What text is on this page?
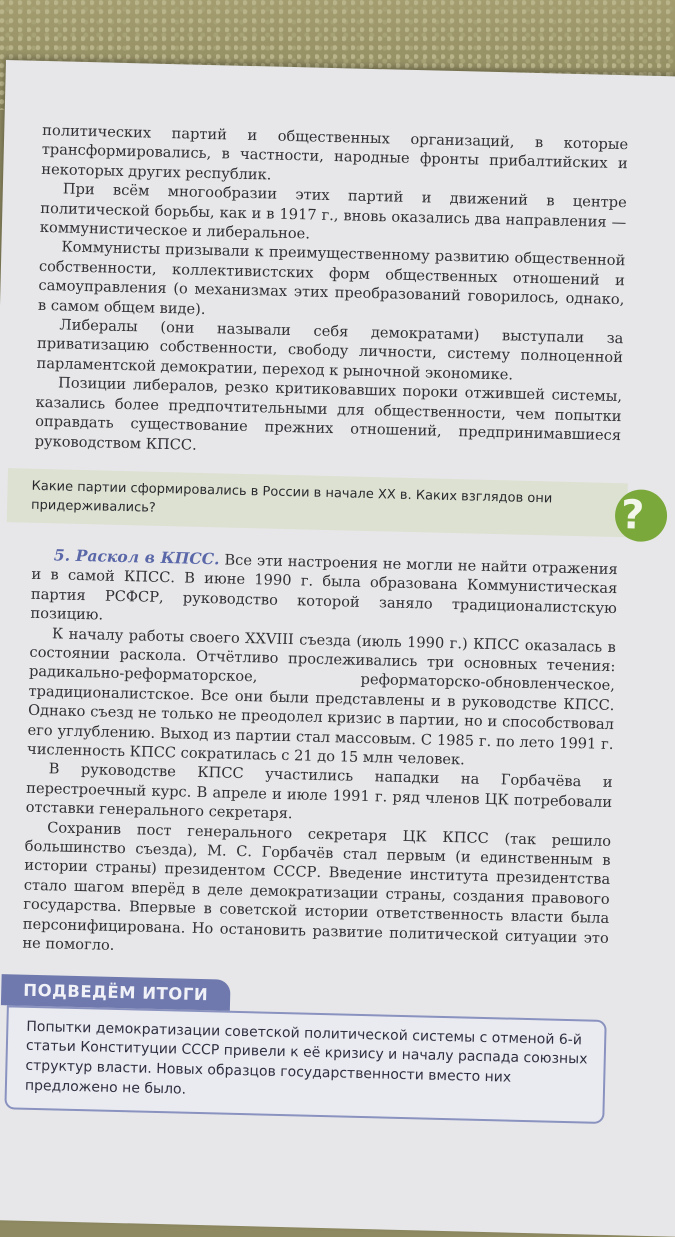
политических партий и общественных организаций, в которые трансформировались, в частности, народные фронты прибалтийских и некоторых других республик.

При всём многообразии этих партий и движений в центре политической борьбы, как и в 1917 г., вновь оказались два направления — коммунистическое и либеральное.

Коммунисты призывали к преимущественному развитию общественной собственности, коллективистских форм общественных отношений и самоуправления (о механизмах этих преобразований говорилось, однако, в самом общем виде).

Либералы (они называли себя демократами) выступали за приватизацию собственности, свободу личности, систему полноценной парламентской демократии, переход к рыночной экономике.

Позиции либералов, резко критиковавших пороки отжившей системы, казались более предпочтительными для общественности, чем попытки оправдать существование прежних отношений, предпринимавшиеся руководством КПСС.

Какие партии сформировались в России в начале XX в. Каких взглядов они придерживались?	?

5. Раскол в КПСС. Все эти настроения не могли не найти отражения и в самой КПСС. В июне 1990 г. была образована Коммунистическая партия РСФСР, руководство которой заняло традиционалистскую позицию.

К началу работы своего XXVIII съезда (июль 1990 г.) КПСС оказалась в состоянии раскола. Отчётливо прослеживались три основных течения: радикально-реформаторское, реформаторско-обновленческое, традиционалистское. Все они были представлены и в руководстве КПСС. Однако съезд не только не преодолел кризис в партии, но и способствовал его углублению. Выход из партии стал массовым. С 1985 г. по лето 1991 г. численность КПСС сократилась с 21 до 15 млн человек.

В руководстве КПСС участились нападки на Горбачёва и перестроечный курс. В апреле и июле 1991 г. ряд членов ЦК потребовали отставки генерального секретаря.

Сохранив пост генерального секретаря ЦК КПСС (так решило большинство съезда), М. С. Горбачёв стал первым (и единственным в истории страны) президентом СССР. Введение института президентства стало шагом вперёд в деле демократизации страны, создания правового государства. Впервые в советской истории ответственность власти была персонифицирована. Но остановить развитие политической ситуации это не помогло.

ПОДВЕДЁМ ИТОГИ
Попытки демократизации советской политической системы с отменой 6-й статьи Конституции СССР привели к её кризису и началу распада союзных структур власти. Новых образцов государственности вместо них предложено не было.
